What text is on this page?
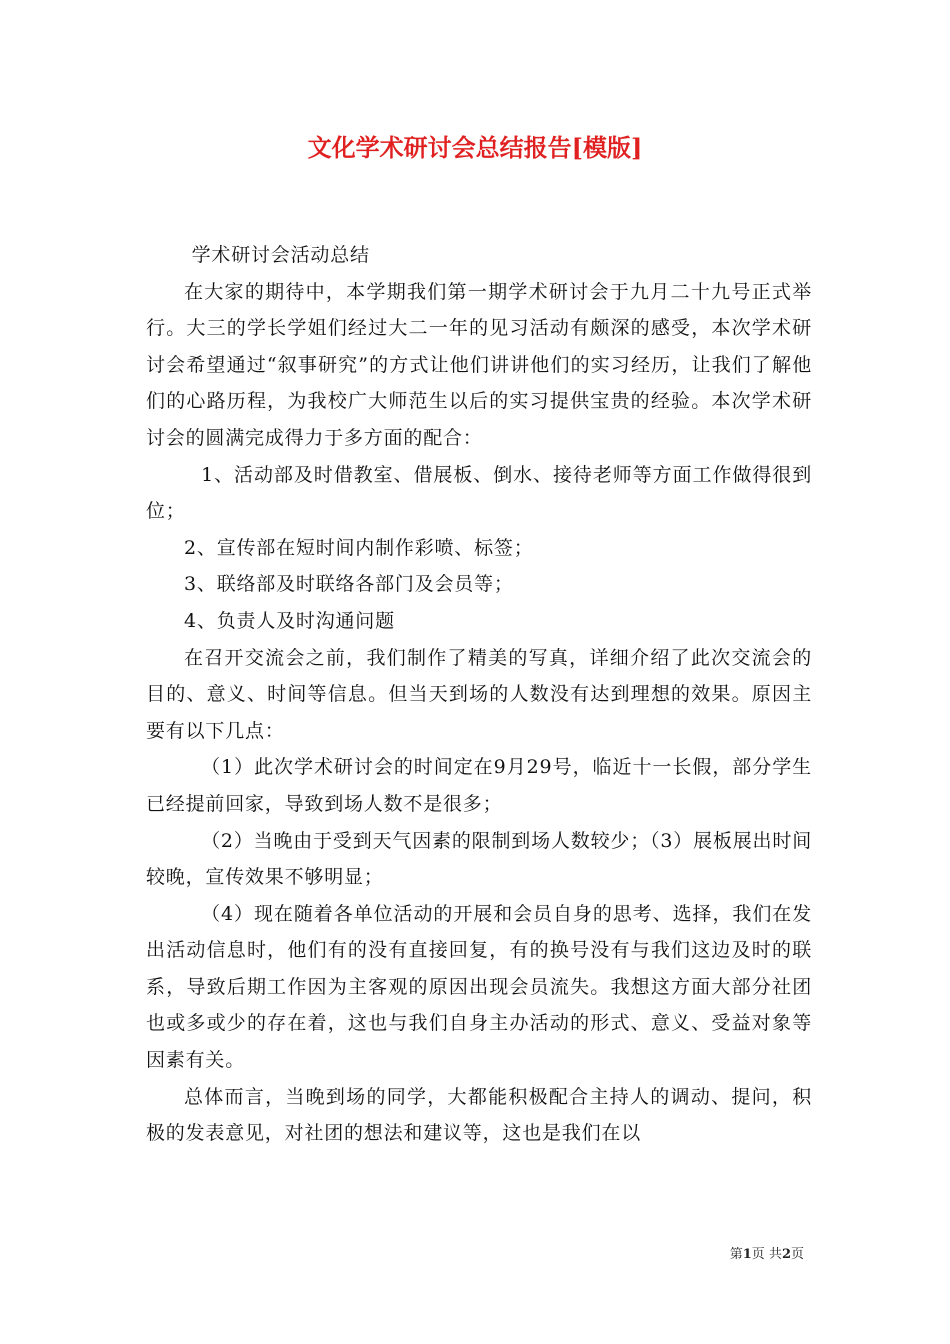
文化学术研讨会总结报告[模版]

学术研讨会活动总结

在大家的期待中，本学期我们第一期学术研讨会于九月二十九号正式举行。大三的学长学姐们经过大二一年的见习活动有颇深的感受，本次学术研讨会希望通过“叙事研究”的方式让他们讲讲他们的实习经历，让我们了解他们的心路历程，为我校广大师范生以后的实习提供宝贵的经验。本次学术研讨会的圆满完成得力于多方面的配合：

1、活动部及时借教室、借展板、倒水、接待老师等方面工作做得很到位；

2、宣传部在短时间内制作彩喷、标签；

3、联络部及时联络各部门及会员等；

4、负责人及时沟通问题

在召开交流会之前，我们制作了精美的写真，详细介绍了此次交流会的目的、意义、时间等信息。但当天到场的人数没有达到理想的效果。原因主要有以下几点：

（1）此次学术研讨会的时间定在9月29号，临近十一长假，部分学生已经提前回家，导致到场人数不是很多；

（2）当晚由于受到天气因素的限制到场人数较少；（3）展板展出时间较晚，宣传效果不够明显；

（4）现在随着各单位活动的开展和会员自身的思考、选择，我们在发出活动信息时，他们有的没有直接回复，有的换号没有与我们这边及时的联系，导致后期工作因为主客观的原因出现会员流失。我想这方面大部分社团也或多或少的存在着，这也与我们自身主办活动的形式、意义、受益对象等因素有关。

总体而言，当晚到场的同学，大都能积极配合主持人的调动、提问，积极的发表意见，对社团的想法和建议等，这也是我们在以

第1页 共2页
